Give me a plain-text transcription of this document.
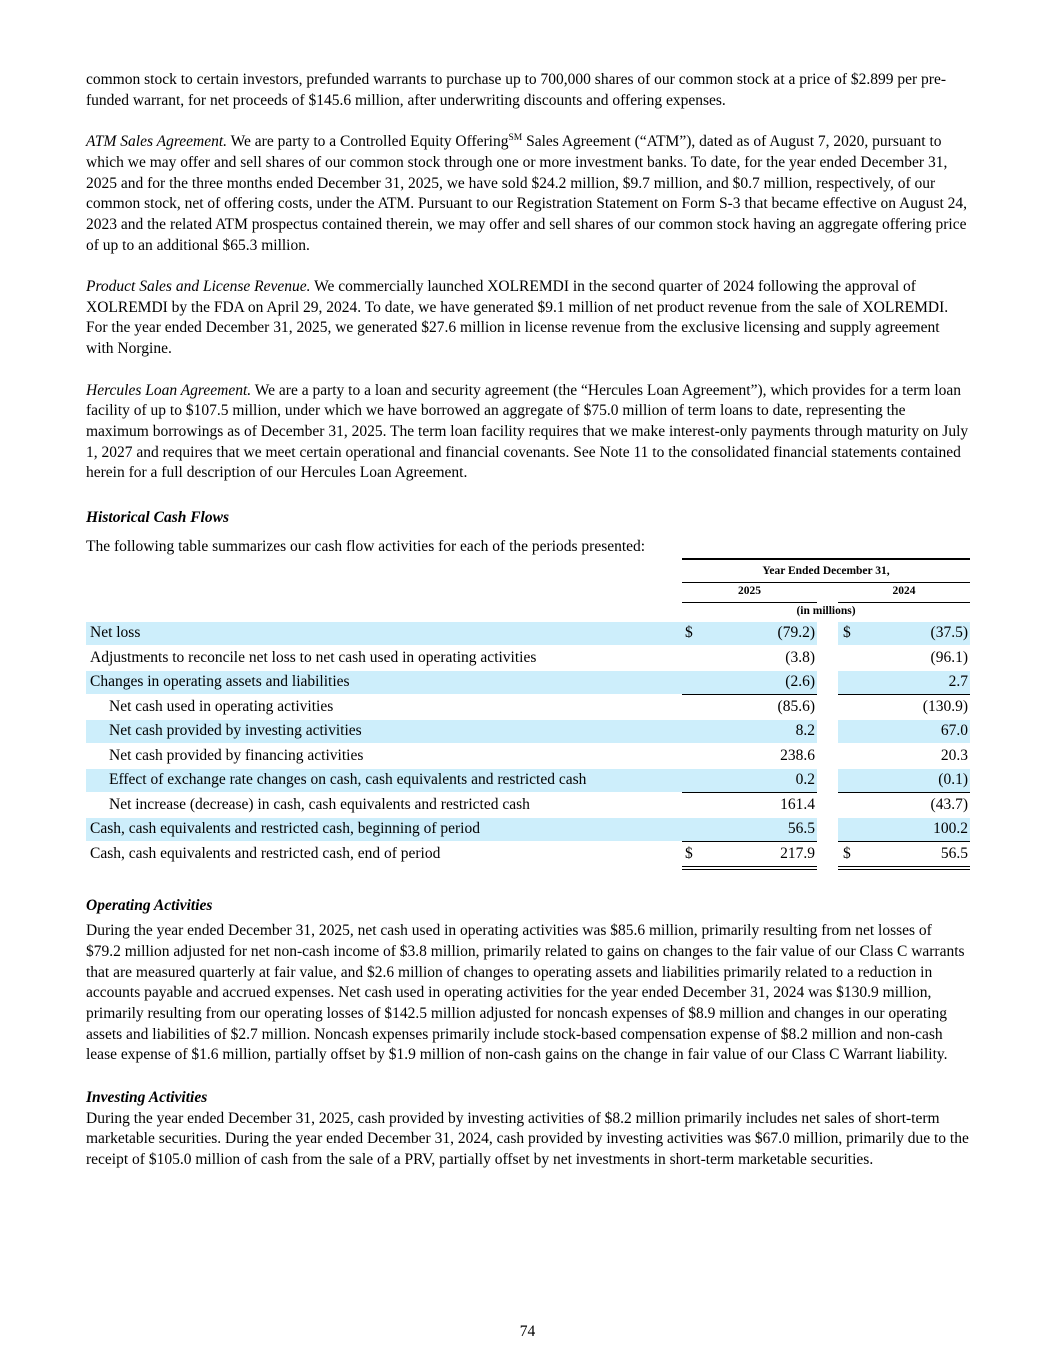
common stock to certain investors, prefunded warrants to purchase up to 700,000 shares of our common stock at a price of $2.899 per pre-funded warrant, for net proceeds of $145.6 million, after underwriting discounts and offering expenses.

ATM Sales Agreement. We are party to a Controlled Equity Offering℠ Sales Agreement (“ATM”), dated as of August 7, 2020, pursuant to which we may offer and sell shares of our common stock through one or more investment banks. To date, for the year ended December 31, 2025 and for the three months ended December 31, 2025, we have sold $24.2 million, $9.7 million, and $0.7 million, respectively, of our common stock, net of offering costs, under the ATM. Pursuant to our Registration Statement on Form S-3 that became effective on August 24, 2023 and the related ATM prospectus contained therein, we may offer and sell shares of our common stock having an aggregate offering price of up to an additional $65.3 million.

Product Sales and License Revenue. We commercially launched XOLREMDI in the second quarter of 2024 following the approval of XOLREMDI by the FDA on April 29, 2024. To date, we have generated $9.1 million of net product revenue from the sale of XOLREMDI. For the year ended December 31, 2025, we generated $27.6 million in license revenue from the exclusive licensing and supply agreement with Norgine.

Hercules Loan Agreement. We are a party to a loan and security agreement (the “Hercules Loan Agreement”), which provides for a term loan facility of up to $107.5 million, under which we have borrowed an aggregate of $75.0 million of term loans to date, representing the maximum borrowings as of December 31, 2025. The term loan facility requires that we make interest-only payments through maturity on July 1, 2027 and requires that we meet certain operational and financial covenants. See Note 11 to the consolidated financial statements contained herein for a full description of our Hercules Loan Agreement.

Historical Cash Flows

The following table summarizes our cash flow activities for each of the periods presented:

Year Ended December 31,
2025	2024
(in millions)
Net loss	$	(79.2) $	(37.5)
Adjustments to reconcile net loss to net cash used in operating activities	(3.8)	(96.1)
Changes in operating assets and liabilities	(2.6)	2.7
Net cash used in operating activities	(85.6)	(130.9)
Net cash provided by investing activities	8.2	67.0
Net cash provided by financing activities	238.6	20.3
Effect of exchange rate changes on cash, cash equivalents and restricted cash	0.2	(0.1)
Net increase (decrease) in cash, cash equivalents and restricted cash	161.4	(43.7)
Cash, cash equivalents and restricted cash, beginning of period	56.5	100.2
Cash, cash equivalents and restricted cash, end of period	$	217.9 $	56.5

Operating Activities

During the year ended December 31, 2025, net cash used in operating activities was $85.6 million, primarily resulting from net losses of $79.2 million adjusted for net non-cash income of $3.8 million, primarily related to gains on changes to the fair value of our Class C warrants that are measured quarterly at fair value, and $2.6 million of changes to operating assets and liabilities primarily related to a reduction in accounts payable and accrued expenses. Net cash used in operating activities for the year ended December 31, 2024 was $130.9 million, primarily resulting from our operating losses of $142.5 million adjusted for noncash expenses of $8.9 million and changes in our operating assets and liabilities of $2.7 million. Noncash expenses primarily include stock-based compensation expense of $8.2 million and non-cash lease expense of $1.6 million, partially offset by $1.9 million of non-cash gains on the change in fair value of our Class C Warrant liability.

Investing Activities

During the year ended December 31, 2025, cash provided by investing activities of $8.2 million primarily includes net sales of short-term marketable securities. During the year ended December 31, 2024, cash provided by investing activities was $67.0 million, primarily due to the receipt of $105.0 million of cash from the sale of a PRV, partially offset by net investments in short-term marketable securities.

74
